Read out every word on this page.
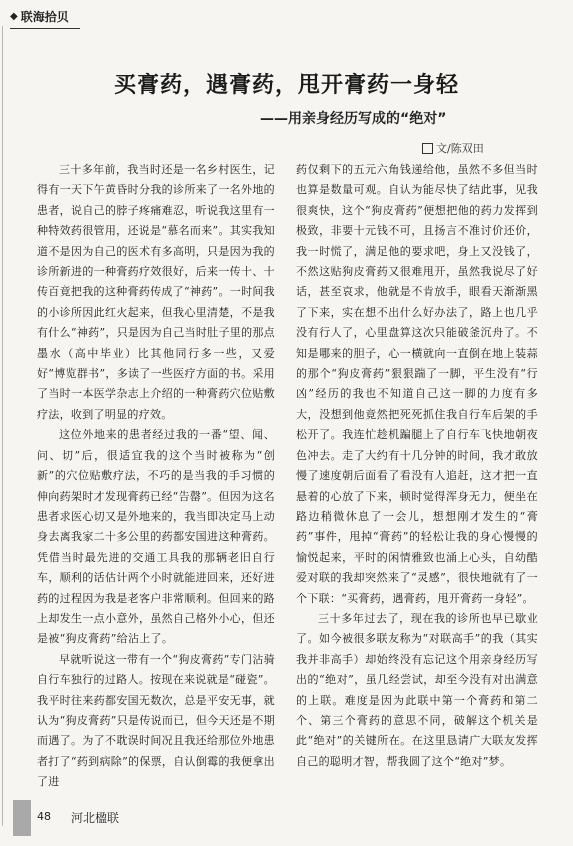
◆ 联海拾贝
买膏药，遇膏药，甩开膏药一身轻
——用亲身经历写成的“绝对”
文/陈双田

三十多年前，我当时还是一名乡村医生，记得有一天下午黄昏时分我的诊所来了一名外地的患者，说自己的脖子疼痛难忍，听说我这里有一种特效药很管用，还说是“慕名而来”。其实我知道不是因为自己的医术有多高明，只是因为我的诊所新进的一种膏药疗效很好，后来一传十、十传百竟把我的这种膏药传成了“神药”。一时间我的小诊所因此红火起来，但我心里清楚，不是我有什么“神药”，只是因为自己当时肚子里的那点墨水（高中毕业）比其他同行多一些，又爱好“博览群书”，多读了一些医疗方面的书。采用了当时一本医学杂志上介绍的一种膏药穴位贴敷疗法，收到了明显的疗效。

这位外地来的患者经过我的一番“望、闻、问、切”后，很适宜我的这个当时被称为“创新”的穴位贴敷疗法，不巧的是当我的手习惯的伸向药架时才发现膏药已经“告罄”。但因为这名患者求医心切又是外地来的，我当即决定马上动身去离我家二十多公里的药都安国进这种膏药。凭借当时最先进的交通工具我的那辆老旧自行车，顺利的话估计两个小时就能进回来，还好进药的过程因为我是老客户非常顺利。但回来的路上却发生一点小意外，虽然自己格外小心，但还是被“狗皮膏药”给沾上了。

早就听说这一带有一个“狗皮膏药”专门沾骑自行车独行的过路人。按现在来说就是“碰瓷”。我平时往来药都安国无数次，总是平安无事，就认为“狗皮膏药”只是传说而已，但今天还是不期而遇了。为了不耽误时间况且我还给那位外地患者打了“药到病除”的保票，自认倒霉的我便拿出了进

药仅剩下的五元六角钱递给他，虽然不多但当时也算是数量可观。自认为能尽快了结此事，见我很爽快，这个“狗皮膏药”便想把他的药力发挥到极致，非要十元钱不可，且扬言不准讨价还价，我一时慌了，满足他的要求吧，身上又没钱了，不然这贴狗皮膏药又很难甩开，虽然我说尽了好话，甚至哀求，他就是不肯放手，眼看天渐渐黑了下来，实在想不出什么好办法了，路上也几乎没有行人了，心里盘算这次只能破釜沉舟了。不知是哪来的胆子，心一横就向一直倒在地上装蒜的那个“狗皮膏药”狠狠踹了一脚，平生没有“行凶”经历的我也不知道自己这一脚的力度有多大，没想到他竟然把死死抓住我自行车后架的手松开了。我连忙趁机蹁腿上了自行车飞快地朝夜色冲去。走了大约有十几分钟的时间，我才敢放慢了速度朝后面看了看没有人追赶，这才把一直悬着的心放了下来，顿时觉得浑身无力，便坐在路边稍微休息了一会儿，想想刚才发生的“膏药”事件，甩掉“膏药”的轻松让我的身心慢慢的愉悦起来，平时的闲情雅致也涌上心头，自幼酷爱对联的我却突然来了“灵感”，很快地就有了一个下联：“买膏药，遇膏药，甩开膏药一身轻”。

三十多年过去了，现在我的诊所也早已歇业了。如今被很多联友称为“对联高手”的我（其实我并非高手）却始终没有忘记这个用亲身经历写出的“绝对”，虽几经尝试，却至今没有对出满意的上联。难度是因为此联中第一个膏药和第二个、第三个膏药的意思不同，破解这个机关是此“绝对”的关键所在。在这里恳请广大联友发挥自己的聪明才智，帮我圆了这个“绝对”梦。

48 河北楹联
